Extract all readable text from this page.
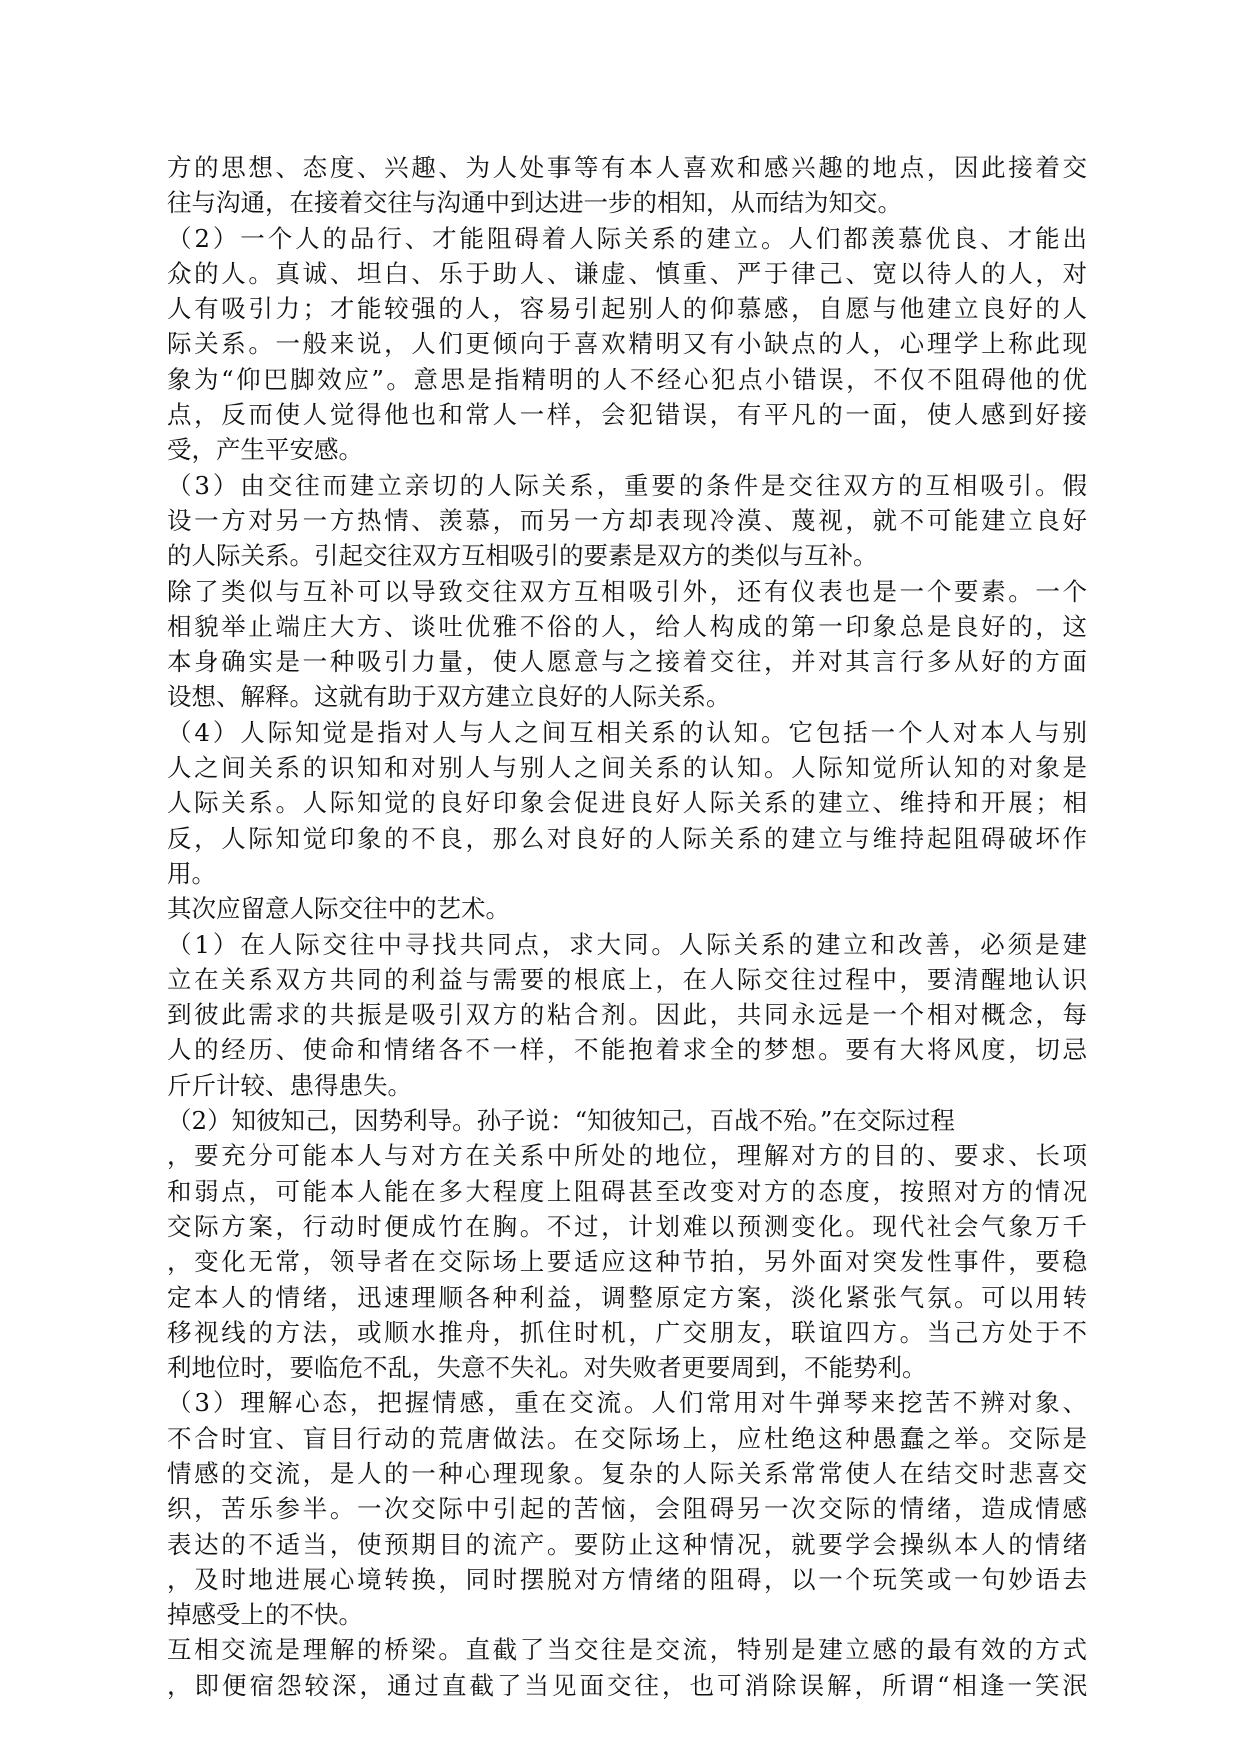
方的思想、态度、兴趣、为人处事等有本人喜欢和感兴趣的地点，因此接着交
往与沟通，在接着交往与沟通中到达进一步的相知，从而结为知交。
（2）一个人的品行、才能阻碍着人际关系的建立。人们都羡慕优良、才能出
众的人。真诚、坦白、乐于助人、谦虚、慎重、严于律己、宽以待人的人，对
人有吸引力；才能较强的人，容易引起别人的仰慕感，自愿与他建立良好的人
际关系。一般来说，人们更倾向于喜欢精明又有小缺点的人，心理学上称此现
象为“仰巴脚效应”。意思是指精明的人不经心犯点小错误，不仅不阻碍他的优
点，反而使人觉得他也和常人一样，会犯错误，有平凡的一面，使人感到好接
受，产生平安感。
（3）由交往而建立亲切的人际关系，重要的条件是交往双方的互相吸引。假
设一方对另一方热情、羡慕，而另一方却表现冷漠、蔑视，就不可能建立良好
的人际关系。引起交往双方互相吸引的要素是双方的类似与互补。
除了类似与互补可以导致交往双方互相吸引外，还有仪表也是一个要素。一个
相貌举止端庄大方、谈吐优雅不俗的人，给人构成的第一印象总是良好的，这
本身确实是一种吸引力量，使人愿意与之接着交往，并对其言行多从好的方面
设想、解释。这就有助于双方建立良好的人际关系。
（4）人际知觉是指对人与人之间互相关系的认知。它包括一个人对本人与别
人之间关系的识知和对别人与别人之间关系的认知。人际知觉所认知的对象是
人际关系。人际知觉的良好印象会促进良好人际关系的建立、维持和开展；相
反，人际知觉印象的不良，那么对良好的人际关系的建立与维持起阻碍破坏作
用。
其次应留意人际交往中的艺术。
（1）在人际交往中寻找共同点，求大同。人际关系的建立和改善，必须是建
立在关系双方共同的利益与需要的根底上，在人际交往过程中，要清醒地认识
到彼此需求的共振是吸引双方的粘合剂。因此，共同永远是一个相对概念，每
人的经历、使命和情绪各不一样，不能抱着求全的梦想。要有大将风度，切忌
斤斤计较、患得患失。
（2）知彼知己，因势利导。孙子说：“知彼知己，百战不殆。”在交际过程
，要充分可能本人与对方在关系中所处的地位，理解对方的目的、要求、长项
和弱点，可能本人能在多大程度上阻碍甚至改变对方的态度，按照对方的情况
交际方案，行动时便成竹在胸。不过，计划难以预测变化。现代社会气象万千
，变化无常，领导者在交际场上要适应这种节拍，另外面对突发性事件，要稳
定本人的情绪，迅速理顺各种利益，调整原定方案，淡化紧张气氛。可以用转
移视线的方法，或顺水推舟，抓住时机，广交朋友，联谊四方。当己方处于不
利地位时，要临危不乱，失意不失礼。对失败者更要周到，不能势利。
（3）理解心态，把握情感，重在交流。人们常用对牛弹琴来挖苦不辨对象、
不合时宜、盲目行动的荒唐做法。在交际场上，应杜绝这种愚蠢之举。交际是
情感的交流，是人的一种心理现象。复杂的人际关系常常使人在结交时悲喜交
织，苦乐参半。一次交际中引起的苦恼，会阻碍另一次交际的情绪，造成情感
表达的不适当，使预期目的流产。要防止这种情况，就要学会操纵本人的情绪
，及时地进展心境转换，同时摆脱对方情绪的阻碍，以一个玩笑或一句妙语去
掉感受上的不快。
互相交流是理解的桥梁。直截了当交往是交流，特别是建立感的最有效的方式
，即便宿怨较深，通过直截了当见面交往，也可消除误解，所谓“相逢一笑泯
